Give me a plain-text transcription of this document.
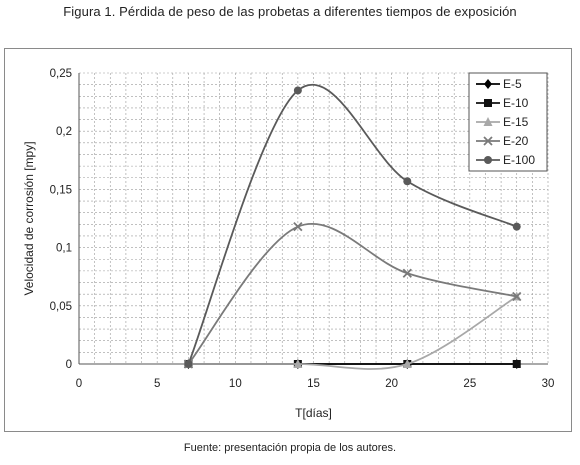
Figura 1. Pérdida de peso de las probetas a diferentes tiempos de exposición
0
0,05
0,1
0,15
0,2
0,25
0	5	10	15	20	25	30
E-5
E-10
E-15
E-20
E-100
T[días]
Velocidad de corrosión [mpy]
Fuente: presentación propia de los autores.
